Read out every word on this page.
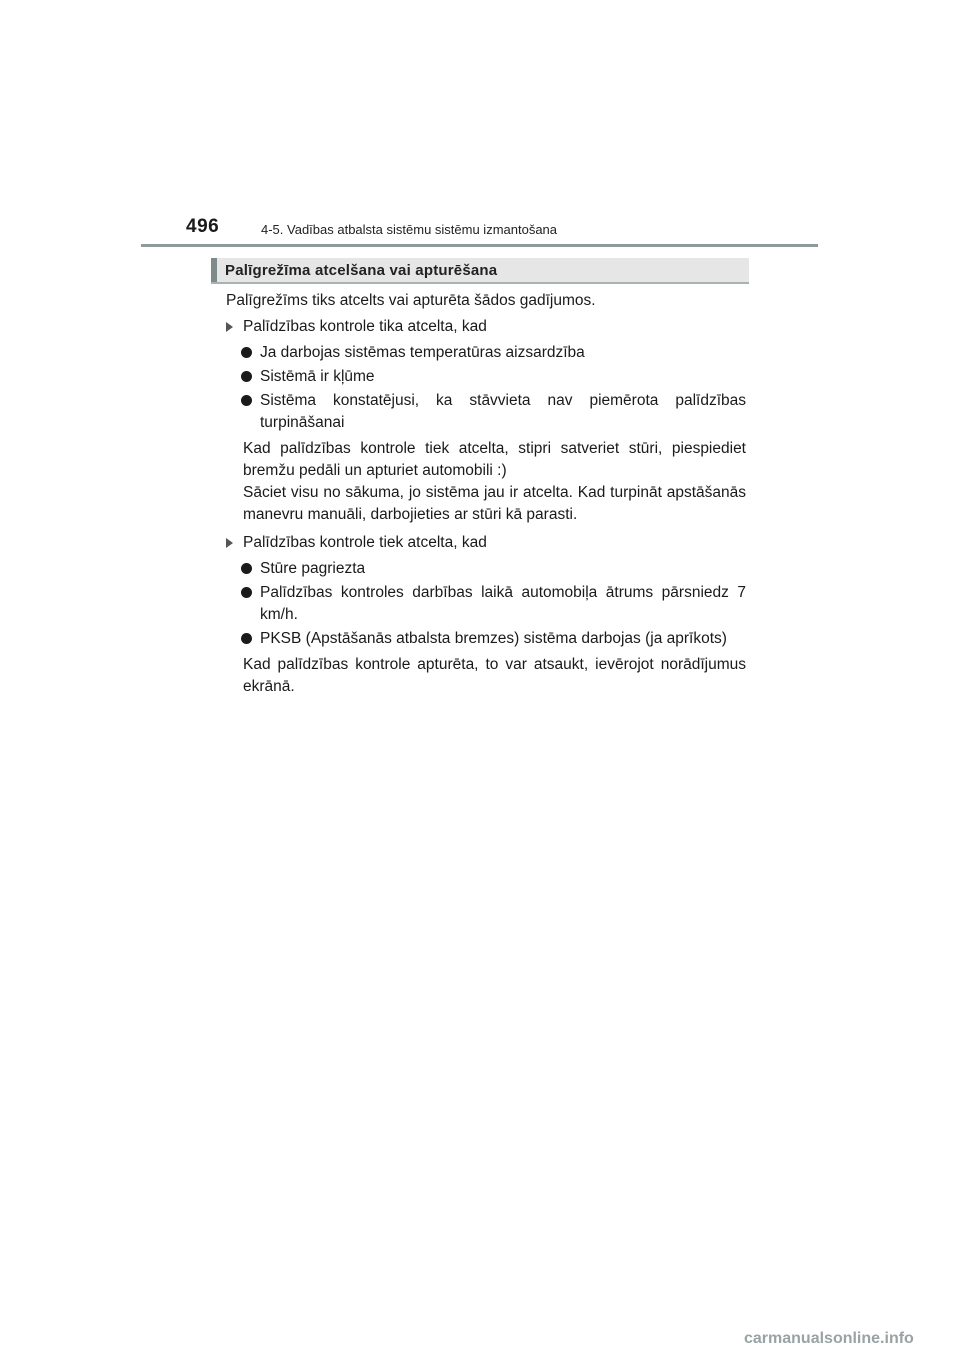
496	4-5. Vadības atbalsta sistēmu sistēmu izmantošana
Palīgrežīma atcelšana vai apturēšana

Palīgrežīms tiks atcelts vai apturēta šādos gadījumos.

Palīdzības kontrole tika atcelta, kad
Ja darbojas sistēmas temperatūras aizsardzība
Sistēmā ir kļūme
Sistēma konstatējusi, ka stāvvieta nav piemērota palīdzības turpināšanai

Kad palīdzības kontrole tiek atcelta, stipri satveriet stūri, piespiediet bremžu pedāli un apturiet automobili :)
Sāciet visu no sākuma, jo sistēma jau ir atcelta. Kad turpināt apstāšanās manevru manuāli, darbojieties ar stūri kā parasti.

Palīdzības kontrole tiek atcelta, kad
Stūre pagriezta
Palīdzības kontroles darbības laikā automobiļa ātrums pārsniedz 7 km/h.
PKSB (Apstāšanās atbalsta bremzes) sistēma darbojas (ja aprīkots)

Kad palīdzības kontrole apturēta, to var atsaukt, ievērojot norādījumus ekrānā.

carmanualsonline.info
